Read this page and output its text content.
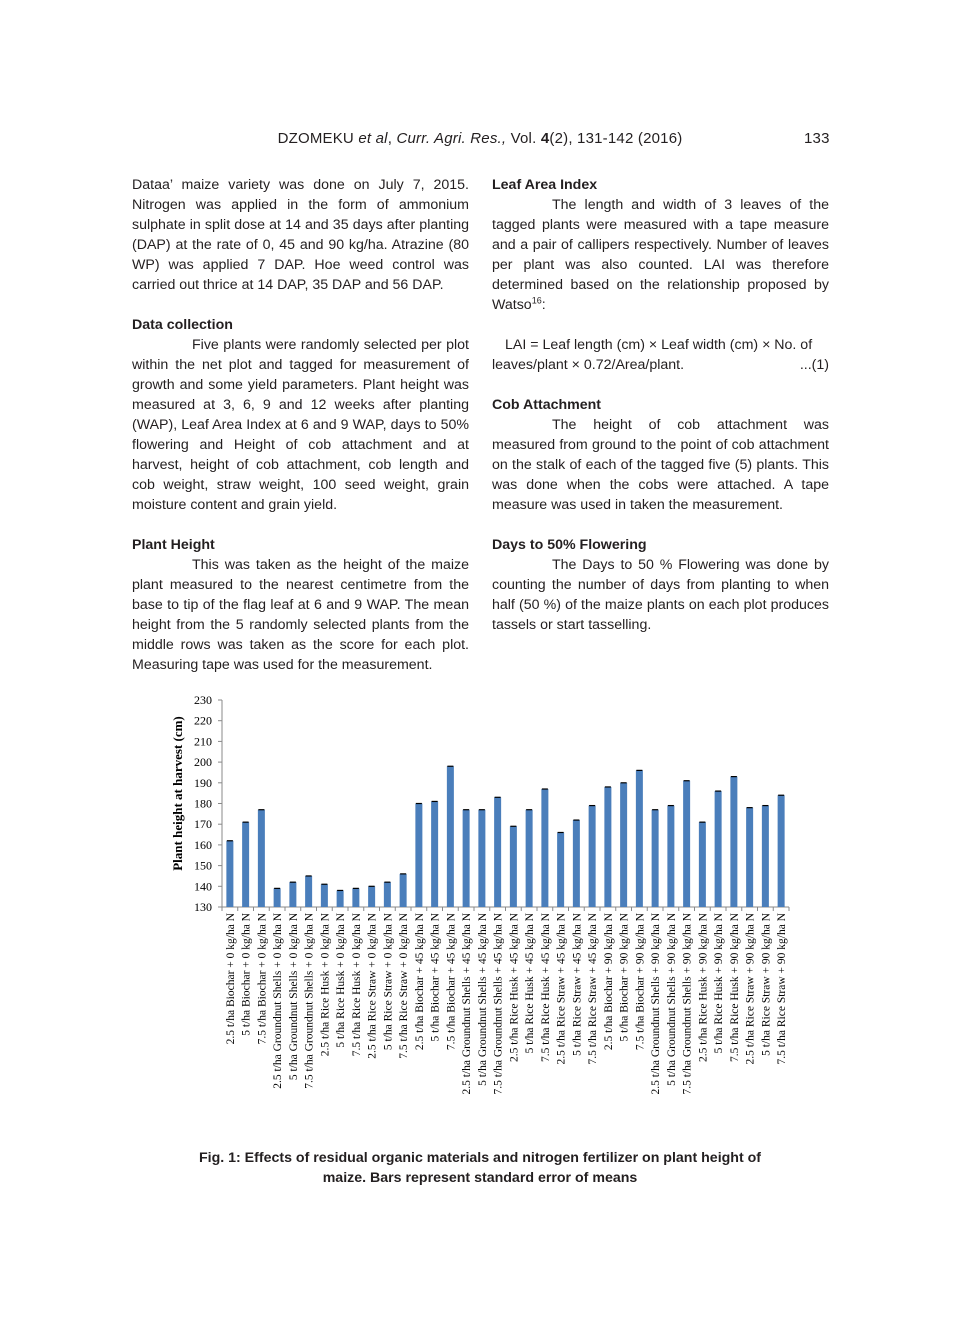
DZOMEKU et al, Curr. Agri. Res., Vol. 4(2), 131-142 (2016)	133

Dataa’ maize variety was done on July 7, 2015. Nitrogen was applied in the form of ammonium sulphate in split dose at 14 and 35 days after planting (DAP) at the rate of 0, 45 and 90 kg/ha. Atrazine (80 WP) was applied 7 DAP. Hoe weed control was carried out thrice at 14 DAP, 35 DAP and 56 DAP.

Data collection

Five plants were randomly selected per plot within the net plot and tagged for measurement of growth and some yield parameters. Plant height was measured at 3, 6, 9 and 12 weeks after planting (WAP), Leaf Area Index at 6 and 9 WAP, days to 50% flowering and Height of cob attachment and at harvest, height of cob attachment, cob length and cob weight, straw weight, 100 seed weight, grain moisture content and grain yield.

Plant Height

This was taken as the height of the maize plant measured to the nearest centimetre from the base to tip of the flag leaf at 6 and 9 WAP. The mean height from the 5 randomly selected plants from the middle rows was taken as the score for each plot. Measuring tape was used for the measurement.

Leaf Area Index

The length and width of 3 leaves of the tagged plants were measured with a tape measure and a pair of callipers respectively. Number of leaves per plant was also counted. LAI was therefore determined based on the relationship proposed by Watso$^{16}$:

LAI = Leaf length (cm) × Leaf width (cm) × No. of

leaves/plant × 0.72/Area/plant.	...(1)
Cob Attachment

The height of cob attachment was measured from ground to the point of cob attachment on the stalk of each of the tagged five (5) plants. This was done when the cobs were attached. A tape measure was used in taken the measurement.

Days to 50% Flowering

The Days to 50 % Flowering was done by counting the number of days from planting to when half (50 %) of the maize plants on each plot produces tassels or start tasselling.

130
140
150
160
170
180
190
200
210
220
230
Plant height at harvest (cm)
2.5 t/ha Biochar + 0 kg/ha N 5 t/ha Biochar + 0 kg/ha N 7.5 t/ha Biochar + 0 kg/ha N 2.5 t/ha Groundnut Shells + 0 kg/ha N 5 t/ha Groundnut Shells + 0 kg/ha N 7.5 t/ha Groundnut Shells + 0 kg/ha N 2.5 t/ha Rice Husk + 0 kg/ha N 5 t/ha Rice Husk + 0 kg/ha N 7.5 t/ha Rice Husk + 0 kg/ha N 2.5 t/ha Rice Straw + 0 kg/ha N 5 t/ha Rice Straw + 0 kg/ha N 7.5 t/ha Rice Straw + 0 kg/ha N 2.5 t/ha Biochar + 45 kg/ha N 5 t/ha Biochar + 45 kg/ha N 7.5 t/ha Biochar + 45 kg/ha N 2.5 t/ha Groundnut Shells + 45 kg/ha N 5 t/ha Groundnut Shells + 45 kg/ha N 7.5 t/ha Groundnut Shells + 45 kg/ha N 2.5 t/ha Rice Husk + 45 kg/ha N 5 t/ha Rice Husk + 45 kg/ha N 7.5 t/ha Rice Husk + 45 kg/ha N 2.5 t/ha Rice Straw + 45 kg/ha N 5 t/ha Rice Straw + 45 kg/ha N 7.5 t/ha Rice Straw + 45 kg/ha N 2.5 t/ha Biochar + 90 kg/ha N 5 t/ha Biochar + 90 kg/ha N 7.5 t/ha Biochar + 90 kg/ha N 2.5 t/ha Groundnut Shells + 90 kg/ha N 5 t/ha Groundnut Shells + 90 kg/ha N 7.5 t/ha Groundnut Shells + 90 kg/ha N 2.5 t/ha Rice Husk + 90 kg/ha N 5 t/ha Rice Husk + 90 kg/ha N 7.5 t/ha Rice Husk + 90 kg/ha N 2.5 t/ha Rice Straw + 90 kg/ha N 5 t/ha Rice Straw + 90 kg/ha N 7.5 t/ha Rice Straw + 90 kg/ha N
Fig. 1: Effects of residual organic materials and nitrogen fertilizer on plant height of
maize. Bars represent standard error of means
